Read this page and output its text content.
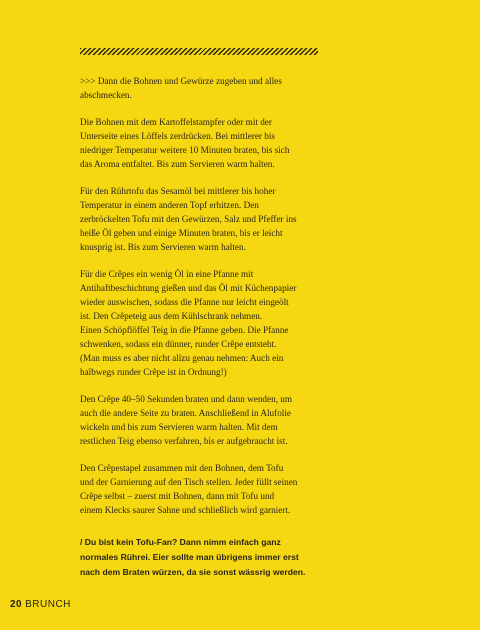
>>> Dann die Bohnen und Gewürze zugeben und alles
abschmecken.

Die Bohnen mit dem Kartoffelstampfer oder mit der
Unterseite eines Löffels zerdrücken. Bei mittlerer bis
niedriger Temperatur weitere 10 Minuten braten, bis sich
das Aroma entfaltet. Bis zum Servieren warm halten.

Für den Rührtofu das Sesamöl bei mittlerer bis hoher
Temperatur in einem anderen Topf erhitzen. Den
zerbröckelten Tofu mit den Gewürzen, Salz und Pfeffer ins
heiße Öl geben und einige Minuten braten, bis er leicht
knusprig ist. Bis zum Servieren warm halten.

Für die Crêpes ein wenig Öl in eine Pfanne mit
Antihaftbeschichtung gießen und das Öl mit Küchenpapier
wieder auswischen, sodass die Pfanne nur leicht eingeölt
ist. Den Crêpeteig aus dem Kühlschrank nehmen.
Einen Schöpflöffel Teig in die Pfanne geben. Die Pfanne
schwenken, sodass ein dünner, runder Crêpe entsteht.
(Man muss es aber nicht allzu genau nehmen: Auch ein
halbwegs runder Crêpe ist in Ordnung!)

Den Crêpe 40–50 Sekunden braten und dann wenden, um
auch die andere Seite zu braten. Anschließend in Alufolie
wickeln und bis zum Servieren warm halten. Mit dem
restlichen Teig ebenso verfahren, bis er aufgebraucht ist.

Den Crêpestapel zusammen mit den Bohnen, dem Tofu
und der Garnierung auf den Tisch stellen. Jeder füllt seinen
Crêpe selbst – zuerst mit Bohnen, dann mit Tofu und
einem Klecks saurer Sahne und schließlich wird garniert.

/ Du bist kein Tofu-Fan? Dann nimm einfach ganz
normales Rührei. Eier sollte man übrigens immer erst
nach dem Braten würzen, da sie sonst wässrig werden.
20 BRUNCH
